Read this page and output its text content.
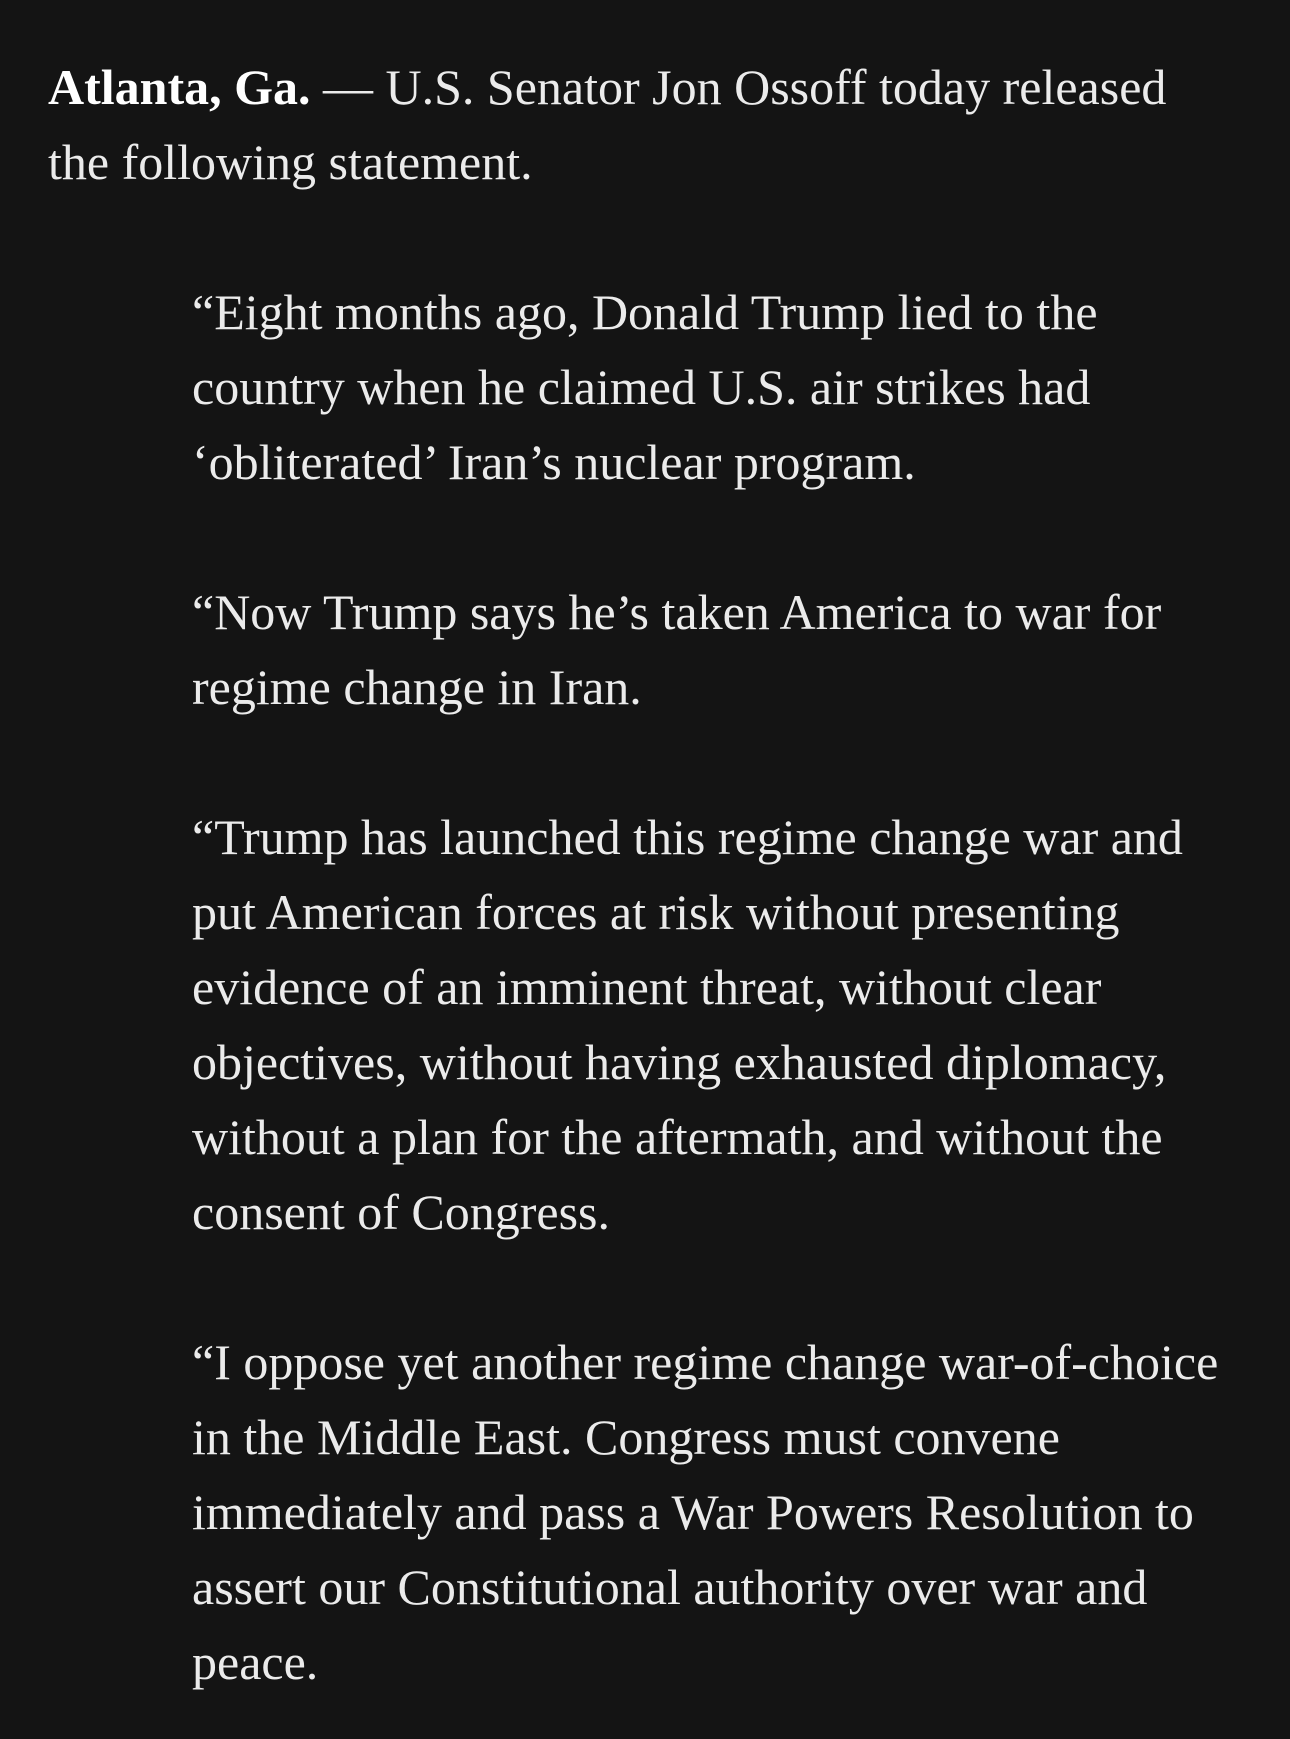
Atlanta, Ga. — U.S. Senator Jon Ossoff today released the following statement.

“Eight months ago, Donald Trump lied to the country when he claimed U.S. air strikes had ‘obliterated’ Iran’s nuclear program.

“Now Trump says he’s taken America to war for regime change in Iran.

“Trump has launched this regime change war and put American forces at risk without presenting evidence of an imminent threat, without clear objectives, without having exhausted diplomacy, without a plan for the aftermath, and without the consent of Congress.

“I oppose yet another regime change war-of-choice in the Middle East. Congress must convene immediately and pass a War Powers Resolution to assert our Constitutional authority over war and peace.
